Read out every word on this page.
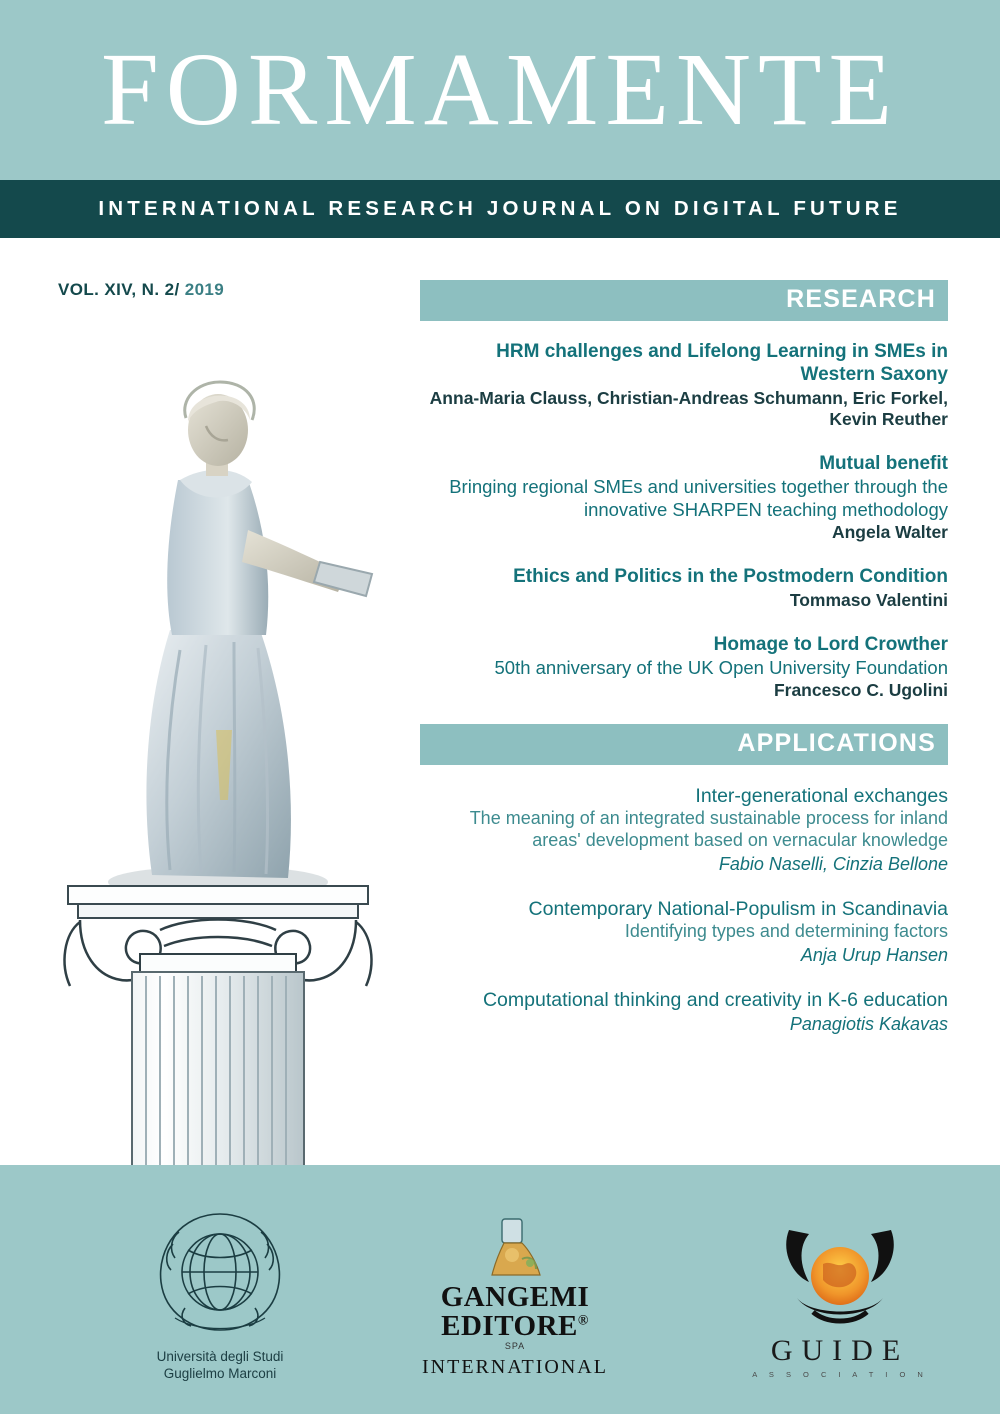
FORMAMENTE
INTERNATIONAL RESEARCH JOURNAL ON DIGITAL FUTURE
VOL. XIV, N. 2/ 2019	RESEARCH
HRM challenges and Lifelong Learning in SMEs in Western Saxony
Anna-Maria Clauss, Christian-Andreas Schumann, Eric Forkel, Kevin Reuther
Mutual benefit
Bringing regional SMEs and universities together through the innovative SHARPEN teaching methodology
Angela Walter
Ethics and Politics in the Postmodern Condition
Tommaso Valentini
Homage to Lord Crowther
50th anniversary of the UK Open University Foundation
Francesco C. Ugolini
APPLICATIONS
Inter-generational exchanges
The meaning of an integrated sustainable process for inland areas' development based on vernacular knowledge
Fabio Naselli, Cinzia Bellone
Contemporary National-Populism in Scandinavia
Identifying types and determining factors
Anja Urup Hansen
Computational thinking and creativity in K-6 education
Panagiotis Kakavas
Università degli Studi
Guglielmo Marconi
GANGEMI EDITORE®
SPA
INTERNATIONAL	GUIDE
A S S O C I A T I O N
